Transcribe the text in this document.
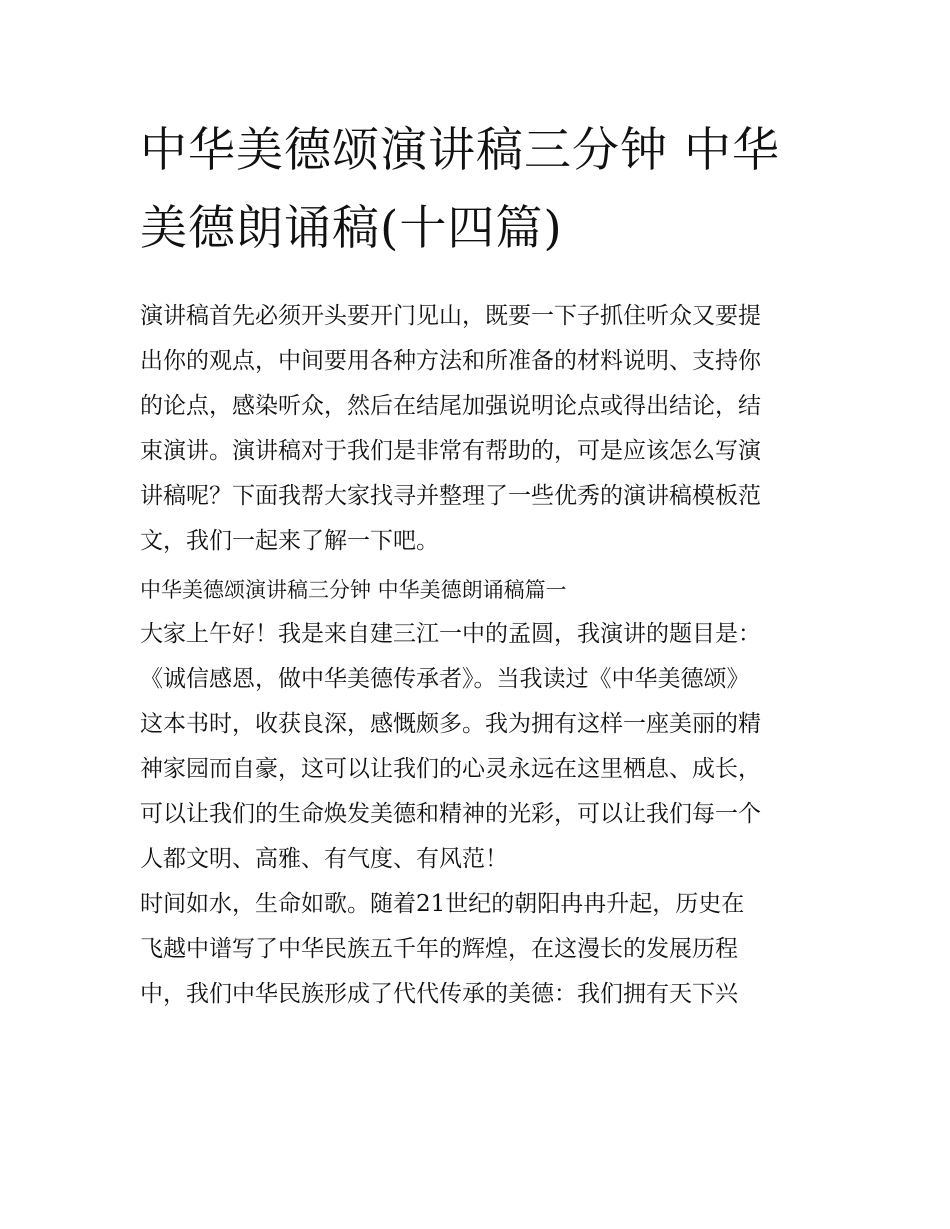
中华美德颂演讲稿三分钟 中华
美德朗诵稿(十四篇)

演讲稿首先必须开头要开门见山，既要一下子抓住听众又要提
出你的观点，中间要用各种方法和所准备的材料说明、支持你
的论点，感染听众，然后在结尾加强说明论点或得出结论，结
束演讲。演讲稿对于我们是非常有帮助的，可是应该怎么写演
讲稿呢？下面我帮大家找寻并整理了一些优秀的演讲稿模板范
文，我们一起来了解一下吧。

中华美德颂演讲稿三分钟 中华美德朗诵稿篇一

大家上午好！我是来自建三江一中的孟圆，我演讲的题目是：
《诚信感恩，做中华美德传承者》。当我读过《中华美德颂》
这本书时，收获良深，感慨颇多。我为拥有这样一座美丽的精
神家园而自豪，这可以让我们的心灵永远在这里栖息、成长，
可以让我们的生命焕发美德和精神的光彩，可以让我们每一个
人都文明、高雅、有气度、有风范！

时间如水，生命如歌。随着21世纪的朝阳冉冉升起，历史在
飞越中谱写了中华民族五千年的辉煌，在这漫长的发展历程
中，我们中华民族形成了代代传承的美德：我们拥有天下兴
